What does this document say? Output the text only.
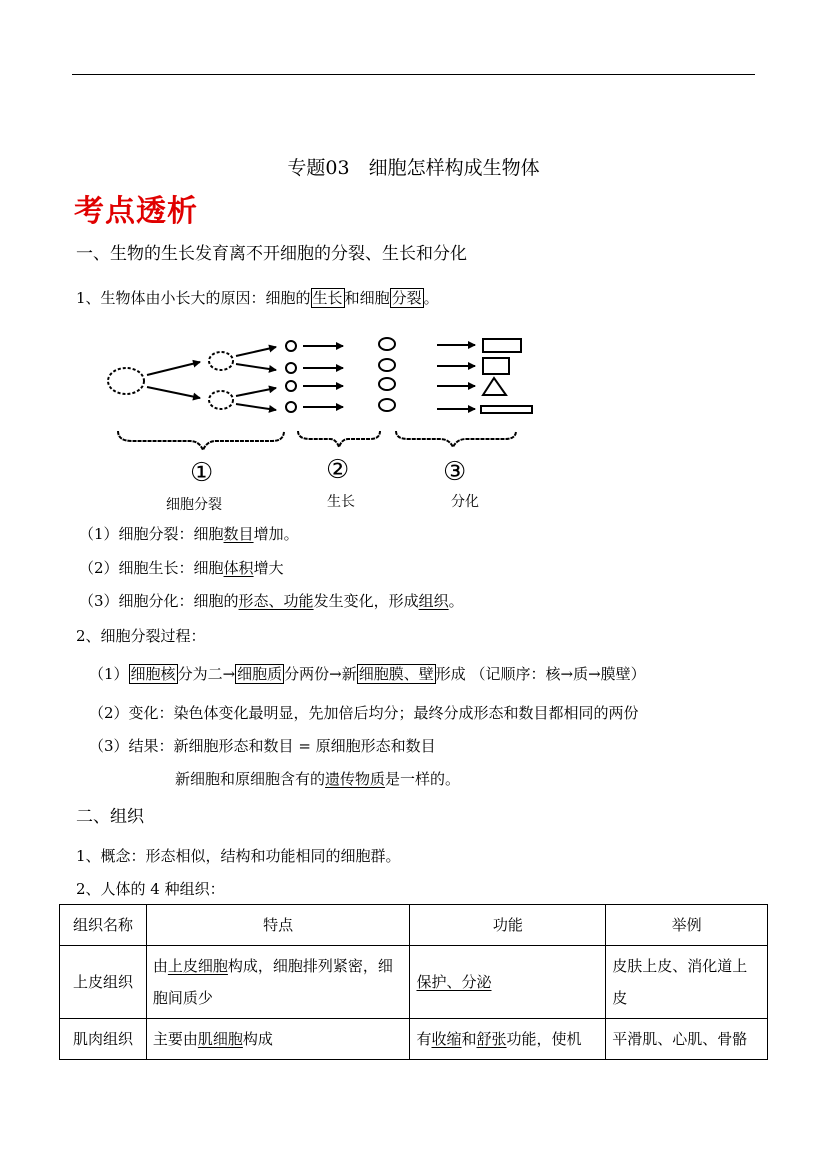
专题03　细胞怎样构成生物体
考点透析
一、生物的生长发育离不开细胞的分裂、生长和分化
1、生物体由小长大的原因：细胞的 生长 和细胞 分裂 。
①	②	③
细胞分裂	生长	分化
（1）细胞分裂：细胞数目增加。
（2）细胞生长：细胞体积增大
（3）细胞分化：细胞的形态、功能发生变化，形成组织。
2、细胞分裂过程：
（1） 细胞核 分为二→ 细胞质 分两份→新 细胞膜、壁 形成 （记顺序：核→质→膜壁）
（2）变化：染色体变化最明显，先加倍后均分；最终分成形态和数目都相同的两份
（3）结果：新细胞形态和数目 = 原细胞形态和数目
新细胞和原细胞含有的遗传物质是一样的。
二、组织
1、概念：形态相似，结构和功能相同的细胞群。
2、人体的 4 种组织：
组织名称	特点	功能	举例
上皮组织	由上皮细胞构成，细胞排列紧密，细胞间质少	保护、分泌	皮肤上皮、消化道上皮
肌肉组织	主要由肌细胞构成	有收缩和舒张功能，使机	平滑肌、心肌、骨骼
